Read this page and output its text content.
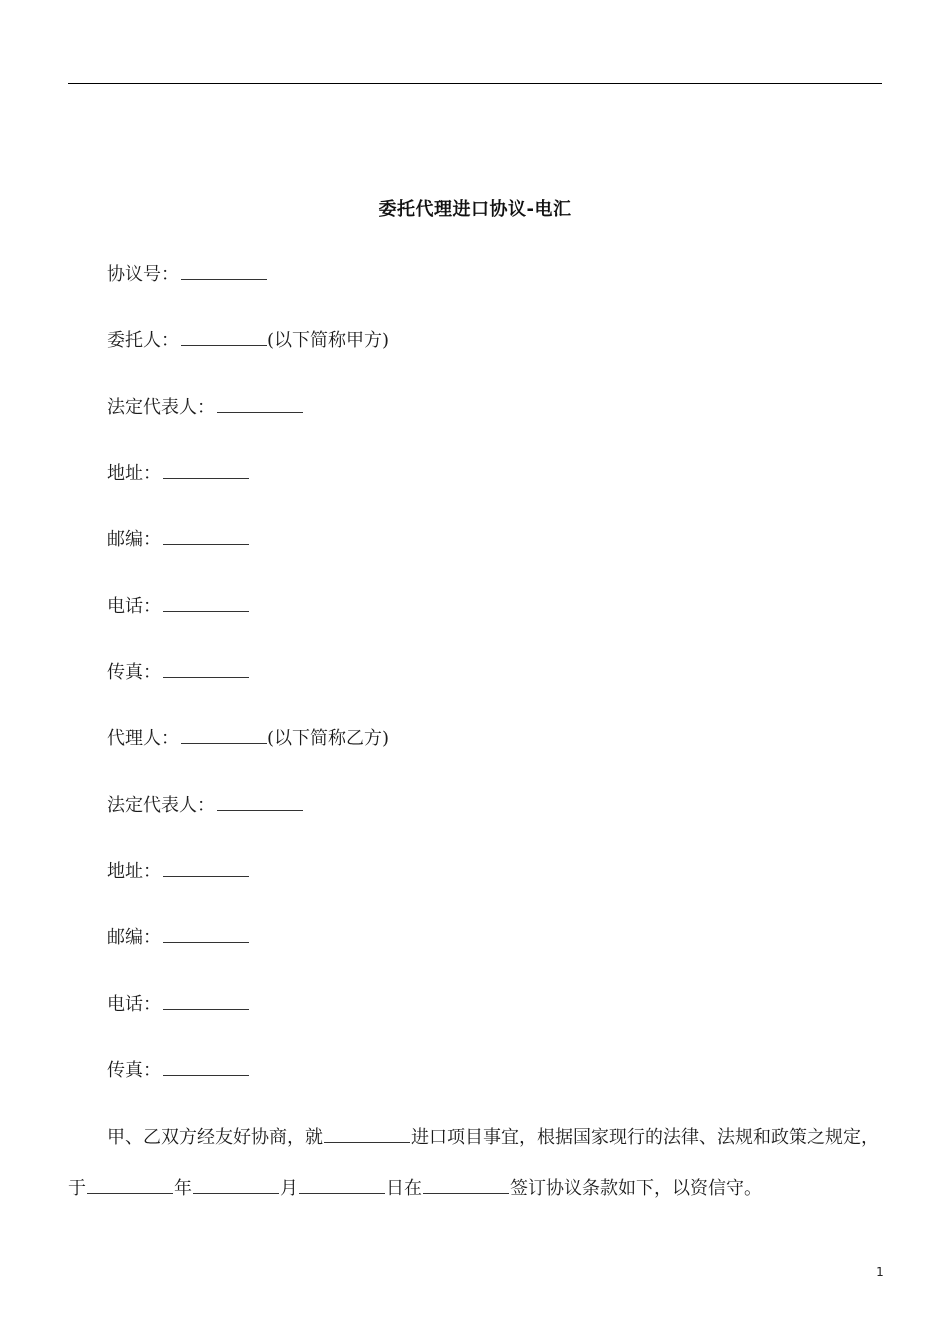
委托代理进口协议-电汇
协议号：
委托人：	(以下简称甲方)
法定代表人：
地址：
邮编：
电话：
传真：
代理人：	(以下简称乙方)
法定代表人：
地址：
邮编：
电话：
传真：
甲、乙双方经友好协商，就	进口项目事宜，根据国家现行的法律、法规和政策之规定，
于	年	月	日在	签订协议条款如下，以资信守。
1
